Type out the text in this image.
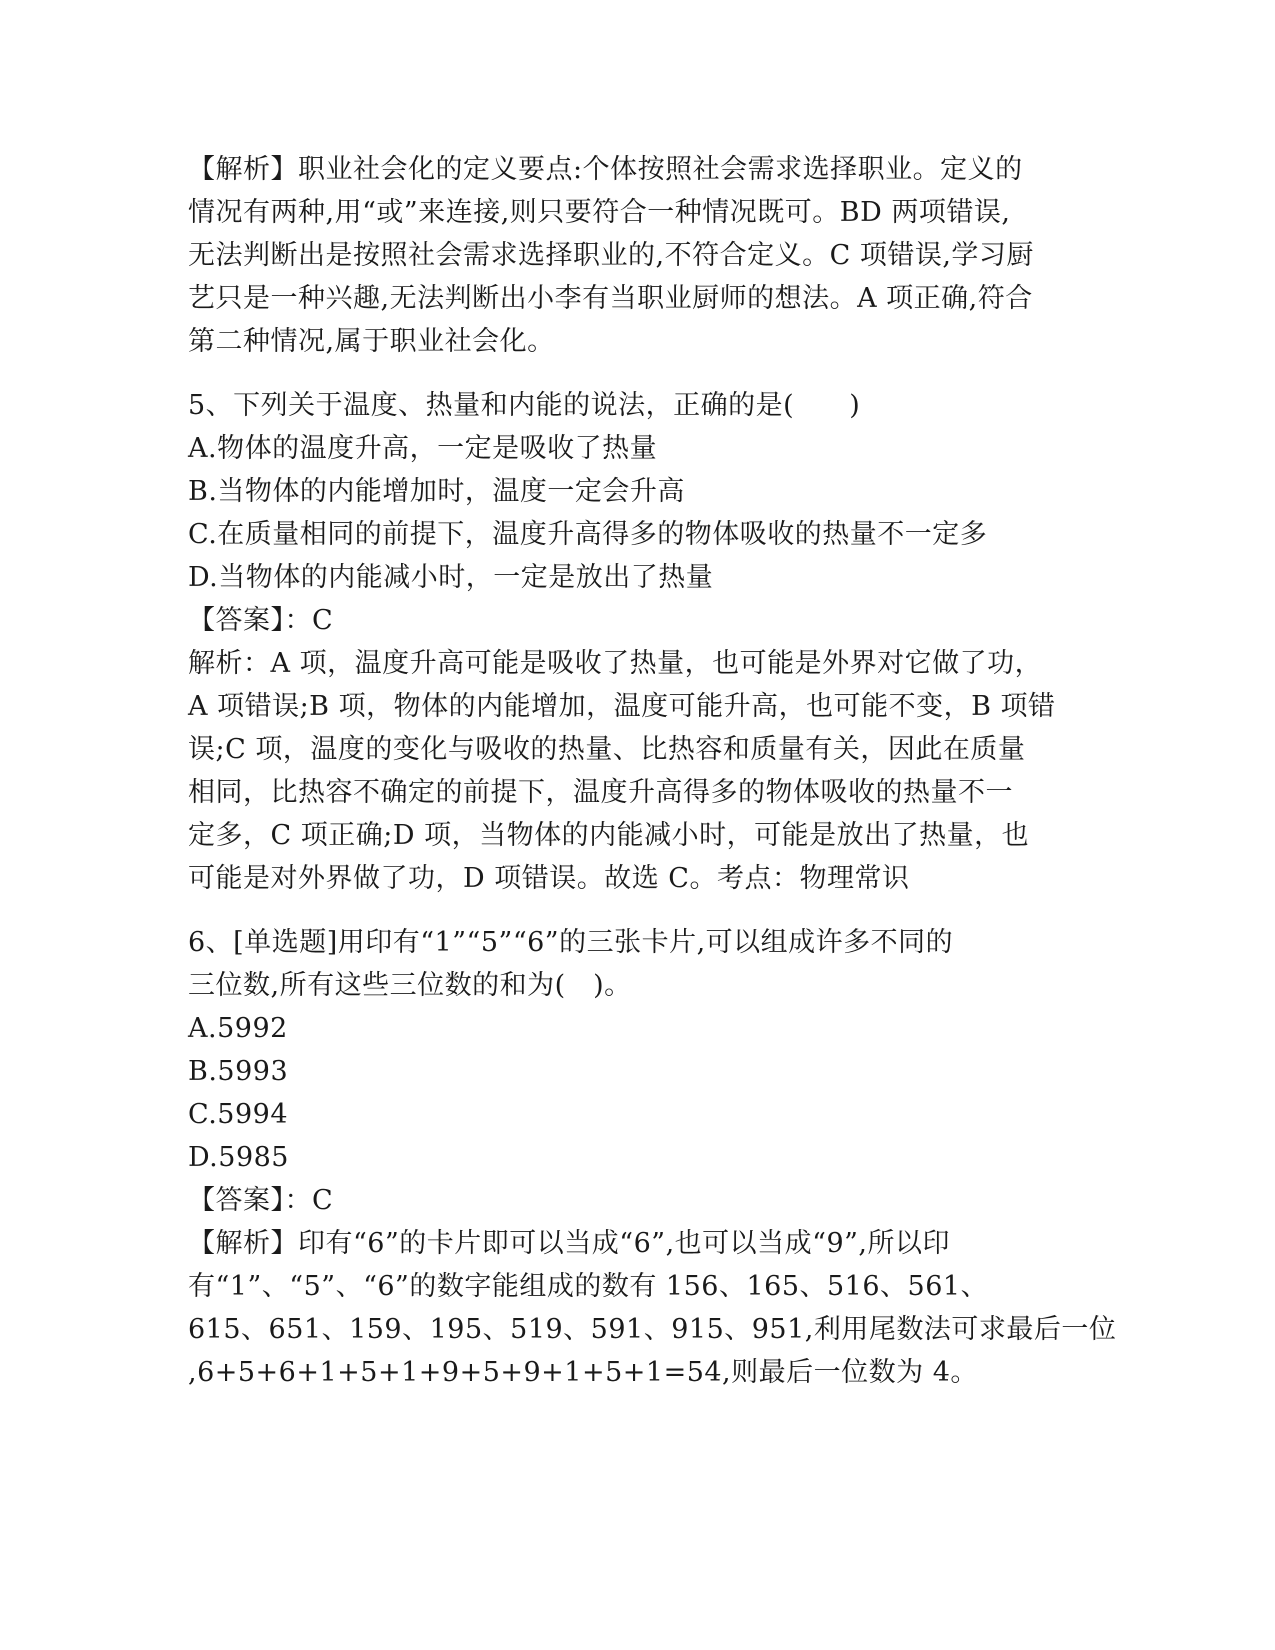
【解析】职业社会化的定义要点:个体按照社会需求选择职业。定义的
情况有两种,用“或”来连接,则只要符合一种情况既可。BD 两项错误,
无法判断出是按照社会需求选择职业的,不符合定义。C 项错误,学习厨
艺只是一种兴趣,无法判断出小李有当职业厨师的想法。A 项正确,符合
第二种情况,属于职业社会化。
5、下列关于温度、热量和内能的说法，正确的是(　　)
A.物体的温度升高，一定是吸收了热量
B.当物体的内能增加时，温度一定会升高
C.在质量相同的前提下，温度升高得多的物体吸收的热量不一定多
D.当物体的内能减小时，一定是放出了热量
【答案】：C
解析：A 项，温度升高可能是吸收了热量，也可能是外界对它做了功，
A 项错误;B 项，物体的内能增加，温度可能升高，也可能不变，B 项错
误;C 项，温度的变化与吸收的热量、比热容和质量有关，因此在质量
相同，比热容不确定的前提下，温度升高得多的物体吸收的热量不一
定多，C 项正确;D 项，当物体的内能减小时，可能是放出了热量，也
可能是对外界做了功，D 项错误。故选 C。考点：物理常识
6、[单选题]用印有“1”“5”“6”的三张卡片,可以组成许多不同的
三位数,所有这些三位数的和为(　)。
A.5992
B.5993
C.5994
D.5985
【答案】：C
【解析】印有“6”的卡片即可以当成“6”,也可以当成“9”,所以印
有“1”、“5”、“6”的数字能组成的数有 156、165、516、561、
615、651、159、195、519、591、915、951,利用尾数法可求最后一位
,6+5+6+1+5+1+9+5+9+1+5+1=54,则最后一位数为 4。
